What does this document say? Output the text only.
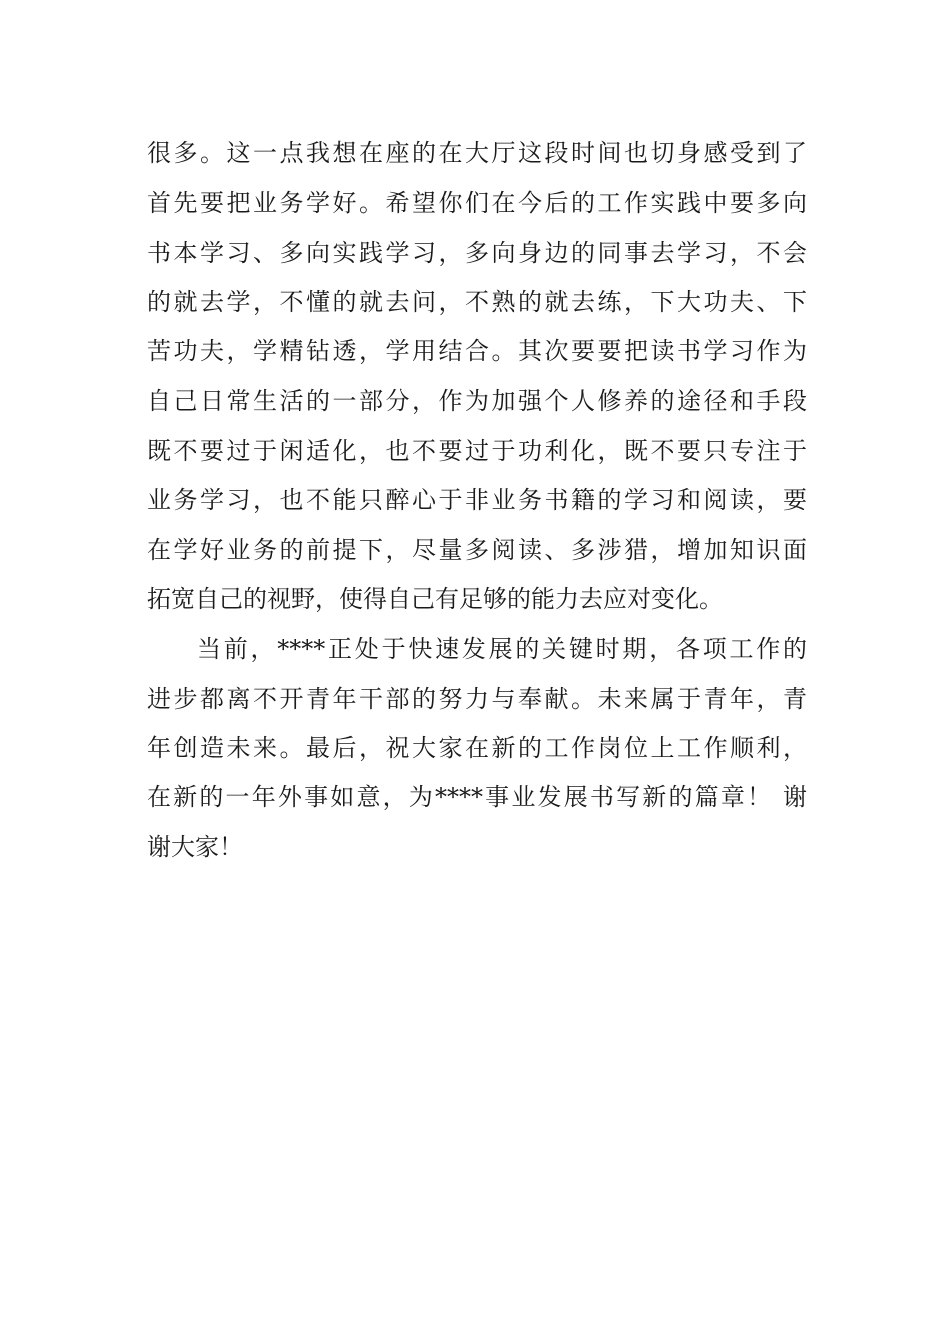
很多。这一点我想在座的在大厅这段时间也切身感受到了
首先要把业务学好。希望你们在今后的工作实践中要多向
书本学习、多向实践学习，多向身边的同事去学习，不会
的就去学，不懂的就去问，不熟的就去练，下大功夫、下
苦功夫，学精钻透，学用结合。其次要要把读书学习作为
自己日常生活的一部分，作为加强个人修养的途径和手段
既不要过于闲适化，也不要过于功利化，既不要只专注于
业务学习，也不能只醉心于非业务书籍的学习和阅读，要
在学好业务的前提下，尽量多阅读、多涉猎，增加知识面
拓宽自己的视野，使得自己有足够的能力去应对变化。
当前，****正处于快速发展的关键时期，各项工作的
进步都离不开青年干部的努力与奉献。未来属于青年，青
年创造未来。最后，祝大家在新的工作岗位上工作顺利，
在新的一年外事如意，为****事业发展书写新的篇章！ 谢
谢大家！
